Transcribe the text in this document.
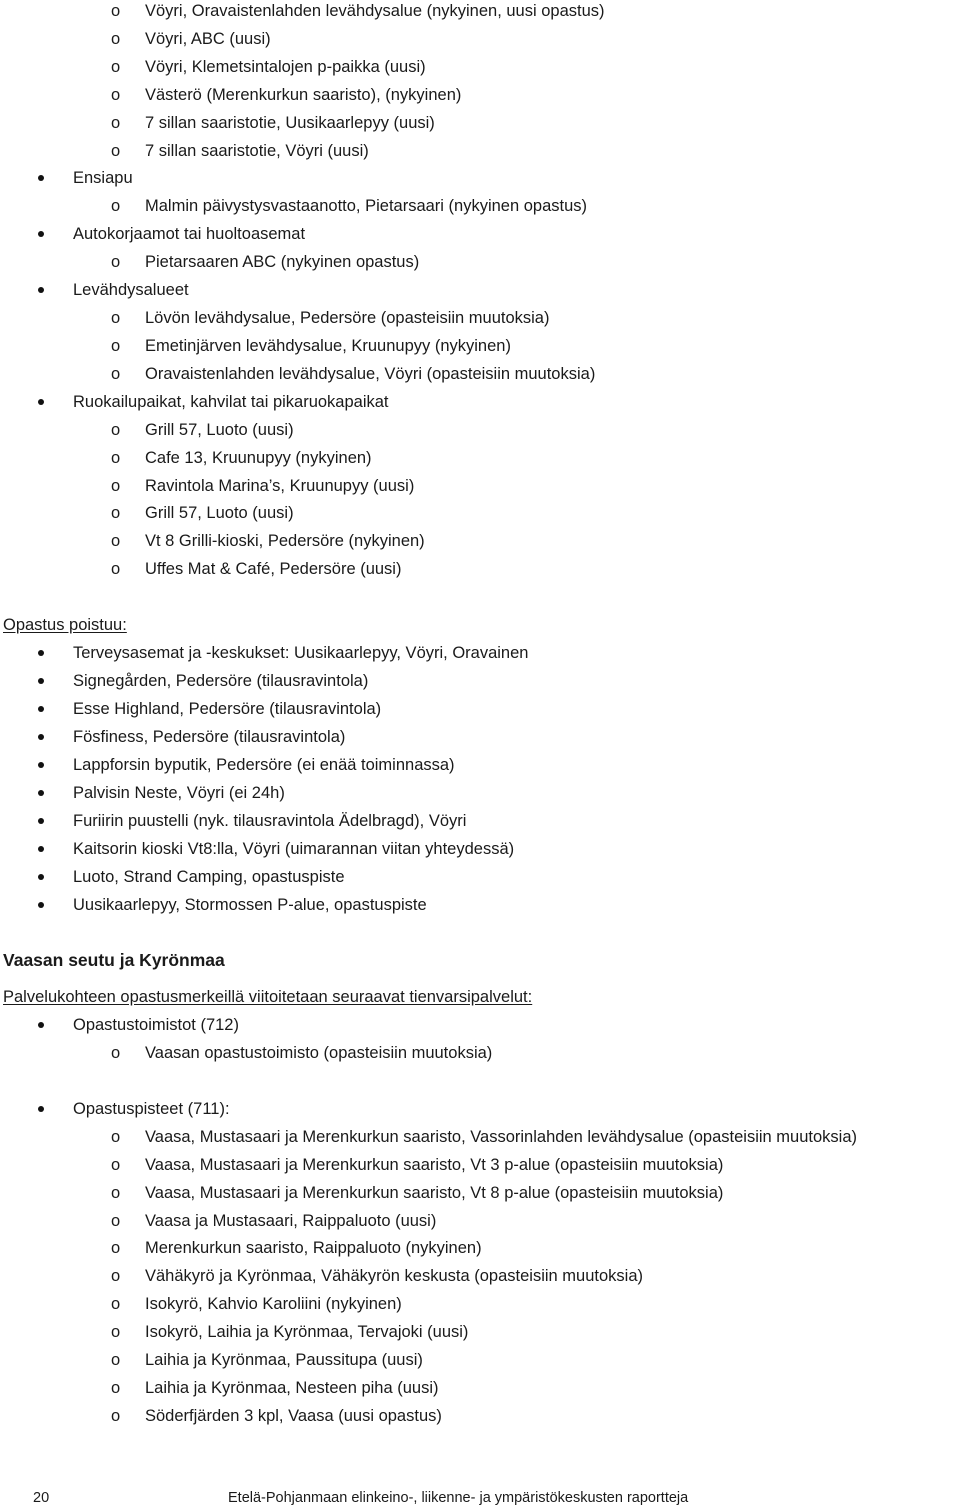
o Vöyri, Oravaistenlahden levähdysalue (nykyinen, uusi opastus)
o Vöyri, ABC (uusi)
o Vöyri, Klemetsintalojen p-paikka (uusi)
o Västerö (Merenkurkun saaristo), (nykyinen)
o 7 sillan saaristotie, Uusikaarlepyy (uusi)
o 7 sillan saaristotie, Vöyri (uusi)
Ensiapu
o Malmin päivystysvastaanotto, Pietarsaari (nykyinen opastus)
Autokorjaamot tai huoltoasemat
o Pietarsaaren ABC (nykyinen opastus)
Levähdysalueet
o Lövön levähdysalue, Pedersöre (opasteisiin muutoksia)
o Emetinjärven levähdysalue, Kruunupyy (nykyinen)
o Oravaistenlahden levähdysalue, Vöyri (opasteisiin muutoksia)
Ruokailupaikat, kahvilat tai pikaruokapaikat
o Grill 57, Luoto (uusi)
o Cafe 13, Kruunupyy (nykyinen)
o Ravintola Marina’s, Kruunupyy (uusi)
o Grill 57, Luoto (uusi)
o Vt 8 Grilli-kioski, Pedersöre (nykyinen)
o Uffes Mat & Café, Pedersöre (uusi)
Opastus poistuu:
Terveysasemat ja -keskukset: Uusikaarlepyy, Vöyri, Oravainen
Signegården, Pedersöre (tilausravintola)
Esse Highland, Pedersöre (tilausravintola)
Fösfiness, Pedersöre (tilausravintola)
Lappforsin byputik, Pedersöre (ei enää toiminnassa)
Palvisin Neste, Vöyri (ei 24h)
Furiirin puustelli (nyk. tilausravintola Ädelbragd), Vöyri
Kaitsorin kioski Vt8:lla, Vöyri (uimarannan viitan yhteydessä)
Luoto, Strand Camping, opastuspiste
Uusikaarlepyy, Stormossen P-alue, opastuspiste
Vaasan seutu ja Kyrönmaa
Palvelukohteen opastusmerkeillä viitoitetaan seuraavat tienvarsipalvelut:
Opastustoimistot (712)
o Vaasan opastustoimisto (opasteisiin muutoksia)
Opastuspisteet (711):
o Vaasa, Mustasaari ja Merenkurkun saaristo, Vassorinlahden levähdysalue (opasteisiin muutoksia)
o Vaasa, Mustasaari ja Merenkurkun saaristo, Vt 3 p-alue (opasteisiin muutoksia)
o Vaasa, Mustasaari ja Merenkurkun saaristo, Vt 8 p-alue (opasteisiin muutoksia)
o Vaasa ja Mustasaari, Raippaluoto (uusi)
o Merenkurkun saaristo, Raippaluoto (nykyinen)
o Vähäkyrö ja Kyrönmaa, Vähäkyrön keskusta (opasteisiin muutoksia)
o Isokyrö, Kahvio Karoliini (nykyinen)
o Isokyrö, Laihia ja Kyrönmaa, Tervajoki (uusi)
o Laihia ja Kyrönmaa, Paussitupa (uusi)
o Laihia ja Kyrönmaa, Nesteen piha (uusi)
o Söderfjärden 3 kpl, Vaasa (uusi opastus)
20	Etelä-Pohjanmaan elinkeino-, liikenne- ja ympäristökeskusten raportteja
